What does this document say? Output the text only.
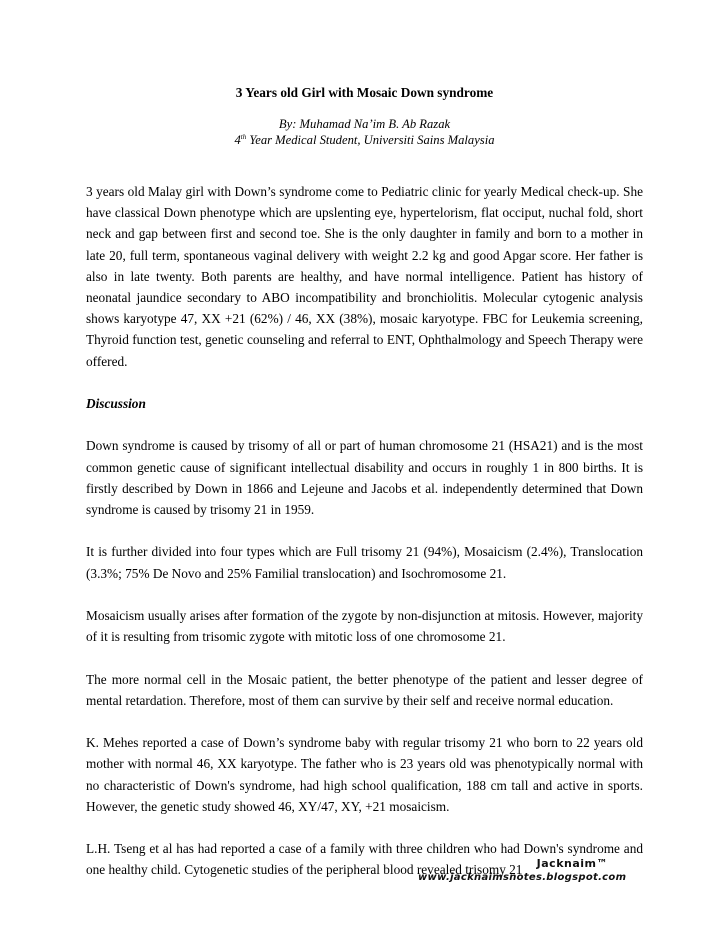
3 Years old Girl with Mosaic Down syndrome
By: Muhamad Na’im B. Ab Razak
4th Year Medical Student, Universiti Sains Malaysia

3 years old Malay girl with Down’s syndrome come to Pediatric clinic for yearly Medical check-up. She have classical Down phenotype which are upslenting eye, hypertelorism, flat occiput, nuchal fold, short neck and gap between first and second toe. She is the only daughter in family and born to a mother in late 20, full term, spontaneous vaginal delivery with weight 2.2 kg and good Apgar score. Her father is also in late twenty. Both parents are healthy, and have normal intelligence. Patient has history of neonatal jaundice secondary to ABO incompatibility and bronchiolitis. Molecular cytogenic analysis shows karyotype 47, XX +21 (62%) / 46, XX (38%), mosaic karyotype. FBC for Leukemia screening, Thyroid function test, genetic counseling and referral to ENT, Ophthalmology and Speech Therapy were offered.

Discussion

Down syndrome is caused by trisomy of all or part of human chromosome 21 (HSA21) and is the most common genetic cause of significant intellectual disability and occurs in roughly 1 in 800 births. It is firstly described by Down in 1866 and Lejeune and Jacobs et al. independently determined that Down syndrome is caused by trisomy 21 in 1959.

It is further divided into four types which are Full trisomy 21 (94%), Mosaicism (2.4%), Translocation (3.3%; 75% De Novo and 25% Familial translocation) and Isochromosome 21.

Mosaicism usually arises after formation of the zygote by non-disjunction at mitosis. However, majority of it is resulting from trisomic zygote with mitotic loss of one chromosome 21.

The more normal cell in the Mosaic patient, the better phenotype of the patient and lesser degree of mental retardation. Therefore, most of them can survive by their self and receive normal education.

K. Mehes reported a case of Down’s syndrome baby with regular trisomy 21 who born to 22 years old mother with normal 46, XX karyotype. The father who is 23 years old was phenotypically normal with no characteristic of Down's syndrome, had high school qualification, 188 cm tall and active in sports. However, the genetic study showed 46, XY/47, XY, +21 mosaicism.

L.H. Tseng et al has had reported a case of a family with three children who had Down's syndrome and one healthy child. Cytogenetic studies of the peripheral blood revealed trisomy 21	Jacknaim™
www.jacknaimsnotes.blogspot.com
